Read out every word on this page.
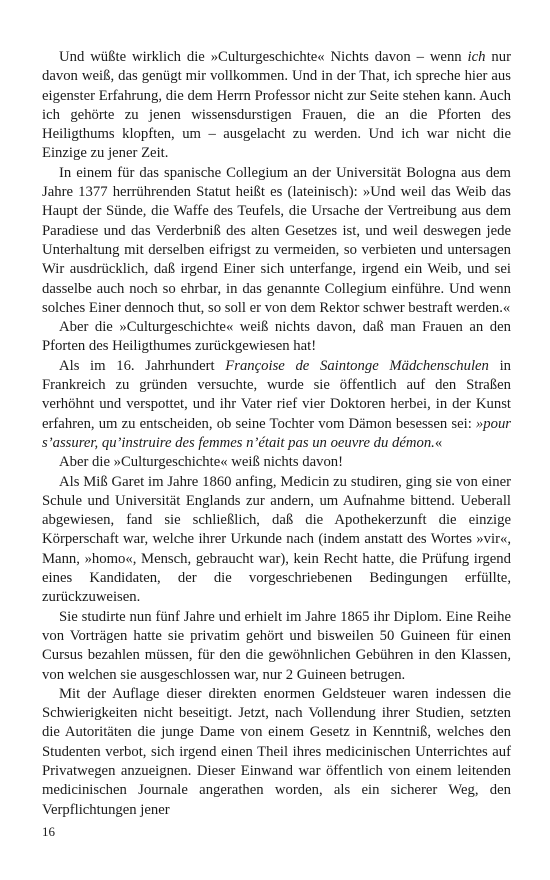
Und wüßte wirklich die »Culturgeschichte« Nichts davon – wenn ich nur davon weiß, das genügt mir vollkommen. Und in der That, ich spreche hier aus eigenster Erfahrung, die dem Herrn Professor nicht zur Seite stehen kann. Auch ich gehörte zu jenen wissensdurstigen Frauen, die an die Pforten des Heiligthums klopften, um – ausgelacht zu werden. Und ich war nicht die Einzige zu jener Zeit.

In einem für das spanische Collegium an der Universität Bologna aus dem Jahre 1377 herrührenden Statut heißt es (lateinisch): »Und weil das Weib das Haupt der Sünde, die Waffe des Teufels, die Ursache der Vertreibung aus dem Paradiese und das Verderbniß des alten Gesetzes ist, und weil deswegen jede Unterhaltung mit derselben eifrigst zu vermeiden, so verbieten und untersagen Wir ausdrücklich, daß irgend Einer sich unterfange, irgend ein Weib, und sei dasselbe auch noch so ehrbar, in das genannte Collegium einführe. Und wenn solches Einer dennoch thut, so soll er von dem Rektor schwer bestraft werden.«

Aber die »Culturgeschichte« weiß nichts davon, daß man Frauen an den Pforten des Heiligthumes zurückgewiesen hat!

Als im 16. Jahrhundert Françoise de Saintonge Mädchenschulen in Frankreich zu gründen versuchte, wurde sie öffentlich auf den Straßen verhöhnt und verspottet, und ihr Vater rief vier Doktoren herbei, in der Kunst erfahren, um zu entscheiden, ob seine Tochter vom Dämon besessen sei: »pour s’assurer, qu’instruire des femmes n’était pas un oeuvre du démon.«

Aber die »Culturgeschichte« weiß nichts davon!

Als Miß Garet im Jahre 1860 anfing, Medicin zu studiren, ging sie von einer Schule und Universität Englands zur andern, um Aufnahme bittend. Ueberall abgewiesen, fand sie schließlich, daß die Apothekerzunft die einzige Körperschaft war, welche ihrer Urkunde nach (indem anstatt des Wortes »vir«, Mann, »homo«, Mensch, gebraucht war), kein Recht hatte, die Prüfung irgend eines Kandidaten, der die vorgeschriebenen Bedingungen erfüllte, zurückzuweisen.

Sie studirte nun fünf Jahre und erhielt im Jahre 1865 ihr Diplom. Eine Reihe von Vorträgen hatte sie privatim gehört und bisweilen 50 Guineen für einen Cursus bezahlen müssen, für den die gewöhnlichen Gebühren in den Klassen, von welchen sie ausgeschlossen war, nur 2 Guineen betrugen.

Mit der Auflage dieser direkten enormen Geldsteuer waren indessen die Schwierigkeiten nicht beseitigt. Jetzt, nach Vollendung ihrer Studien, setzten die Autoritäten die junge Dame von einem Gesetz in Kenntniß, welches den Studenten verbot, sich irgend einen Theil ihres medicinischen Unterrichtes auf Privatwegen anzueignen. Dieser Einwand war öffentlich von einem leitenden medicinischen Journale angerathen worden, als ein sicherer Weg, den Verpflichtungen jener

16
